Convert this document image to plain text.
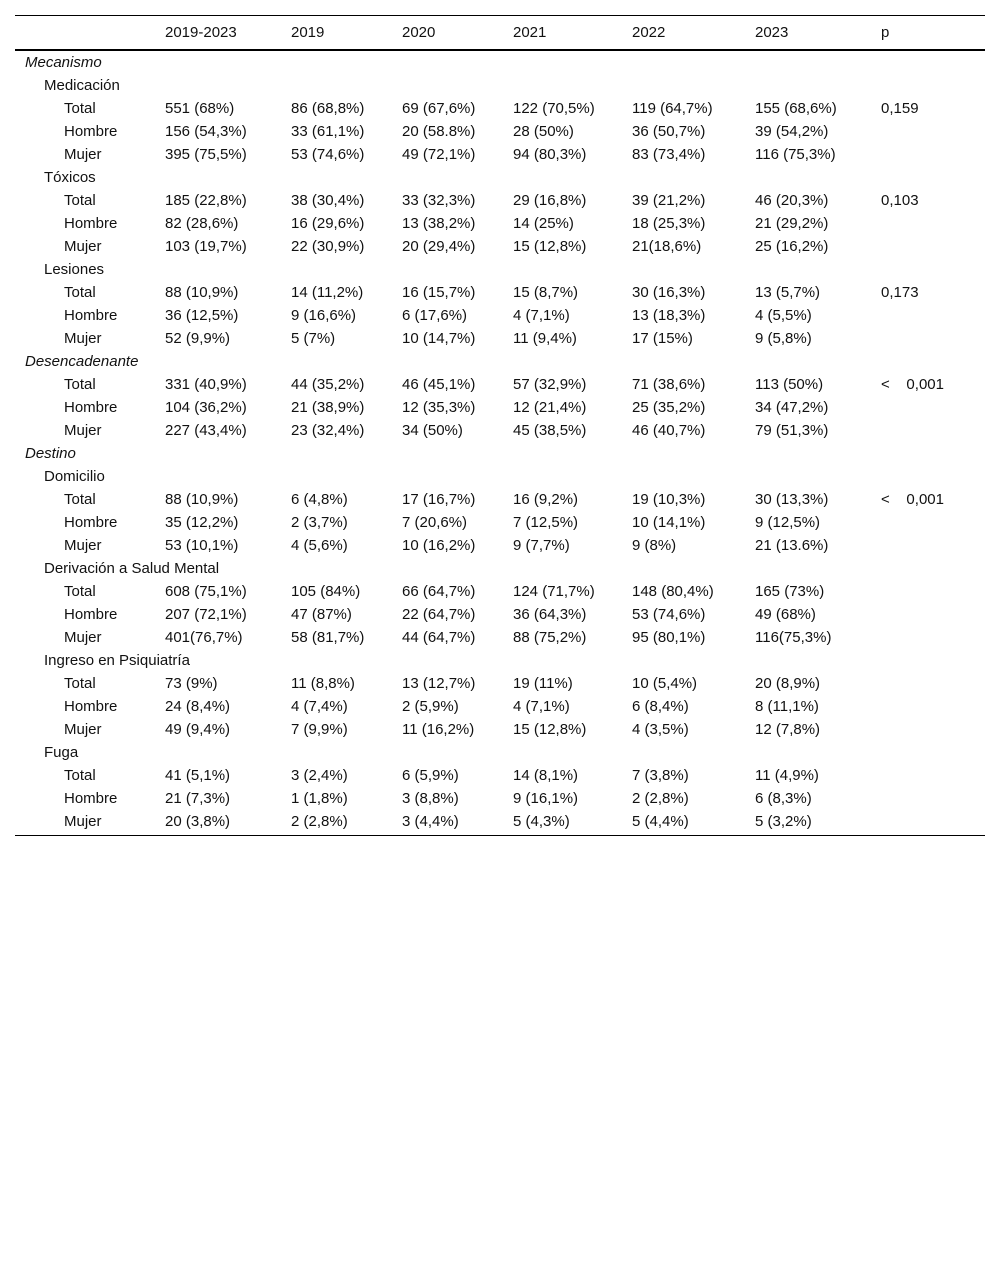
	2019-2023	2019	2020	2021	2022	2023	p
Mecanismo							
Medicación							
Total	551 (68%)	86 (68,8%)	69 (67,6%)	122 (70,5%)	119 (64,7%)	155 (68,6%)	0,159
Hombre	156 (54,3%)	33 (61,1%)	20 (58.8%)	28 (50%)	36 (50,7%)	39 (54,2%)	
Mujer	395 (75,5%)	53 (74,6%)	49 (72,1%)	94 (80,3%)	83 (73,4%)	116 (75,3%)	
Tóxicos							
Total	185 (22,8%)	38 (30,4%)	33 (32,3%)	29 (16,8%)	39 (21,2%)	46 (20,3%)	0,103
Hombre	82 (28,6%)	16 (29,6%)	13 (38,2%)	14 (25%)	18 (25,3%)	21 (29,2%)	
Mujer	103 (19,7%)	22 (30,9%)	20 (29,4%)	15 (12,8%)	21(18,6%)	25 (16,2%)	
Lesiones							
Total	88 (10,9%)	14 (11,2%)	16 (15,7%)	15 (8,7%)	30 (16,3%)	13 (5,7%)	0,173
Hombre	36 (12,5%)	9 (16,6%)	6 (17,6%)	4 (7,1%)	13 (18,3%)	4 (5,5%)	
Mujer	52 (9,9%)	5 (7%)	10 (14,7%)	11 (9,4%)	17 (15%)	9 (5,8%)	
Desencadenante							
Total	331 (40,9%)	44 (35,2%)	46 (45,1%)	57 (32,9%)	71 (38,6%)	113 (50%)	<    0,001
Hombre	104 (36,2%)	21 (38,9%)	12 (35,3%)	12 (21,4%)	25 (35,2%)	34 (47,2%)	
Mujer	227 (43,4%)	23 (32,4%)	34 (50%)	45 (38,5%)	46 (40,7%)	79 (51,3%)	
Destino							
Domicilio							
Total	88 (10,9%)	6 (4,8%)	17 (16,7%)	16 (9,2%)	19 (10,3%)	30 (13,3%)	<    0,001
Hombre	35 (12,2%)	2 (3,7%)	7 (20,6%)	7 (12,5%)	10 (14,1%)	9 (12,5%)	
Mujer	53 (10,1%)	4 (5,6%)	10 (16,2%)	9 (7,7%)	9 (8%)	21 (13.6%)	
Derivación a Salud Mental							
Total	608 (75,1%)	105 (84%)	66 (64,7%)	124 (71,7%)	148 (80,4%)	165 (73%)	
Hombre	207 (72,1%)	47 (87%)	22 (64,7%)	36 (64,3%)	53 (74,6%)	49 (68%)	
Mujer	401(76,7%)	58 (81,7%)	44 (64,7%)	88 (75,2%)	95 (80,1%)	116(75,3%)	
Ingreso en Psiquiatría							
Total	73 (9%)	11 (8,8%)	13 (12,7%)	19 (11%)	10 (5,4%)	20 (8,9%)	
Hombre	24 (8,4%)	4 (7,4%)	2 (5,9%)	4 (7,1%)	6 (8,4%)	8 (11,1%)	
Mujer	49 (9,4%)	7 (9,9%)	11 (16,2%)	15 (12,8%)	4 (3,5%)	12 (7,8%)	
Fuga							
Total	41 (5,1%)	3 (2,4%)	6 (5,9%)	14 (8,1%)	7 (3,8%)	11 (4,9%)	
Hombre	21 (7,3%)	1 (1,8%)	3 (8,8%)	9 (16,1%)	2 (2,8%)	6 (8,3%)	
Mujer	20 (3,8%)	2 (2,8%)	3 (4,4%)	5 (4,3%)	5 (4,4%)	5 (3,2%)	
